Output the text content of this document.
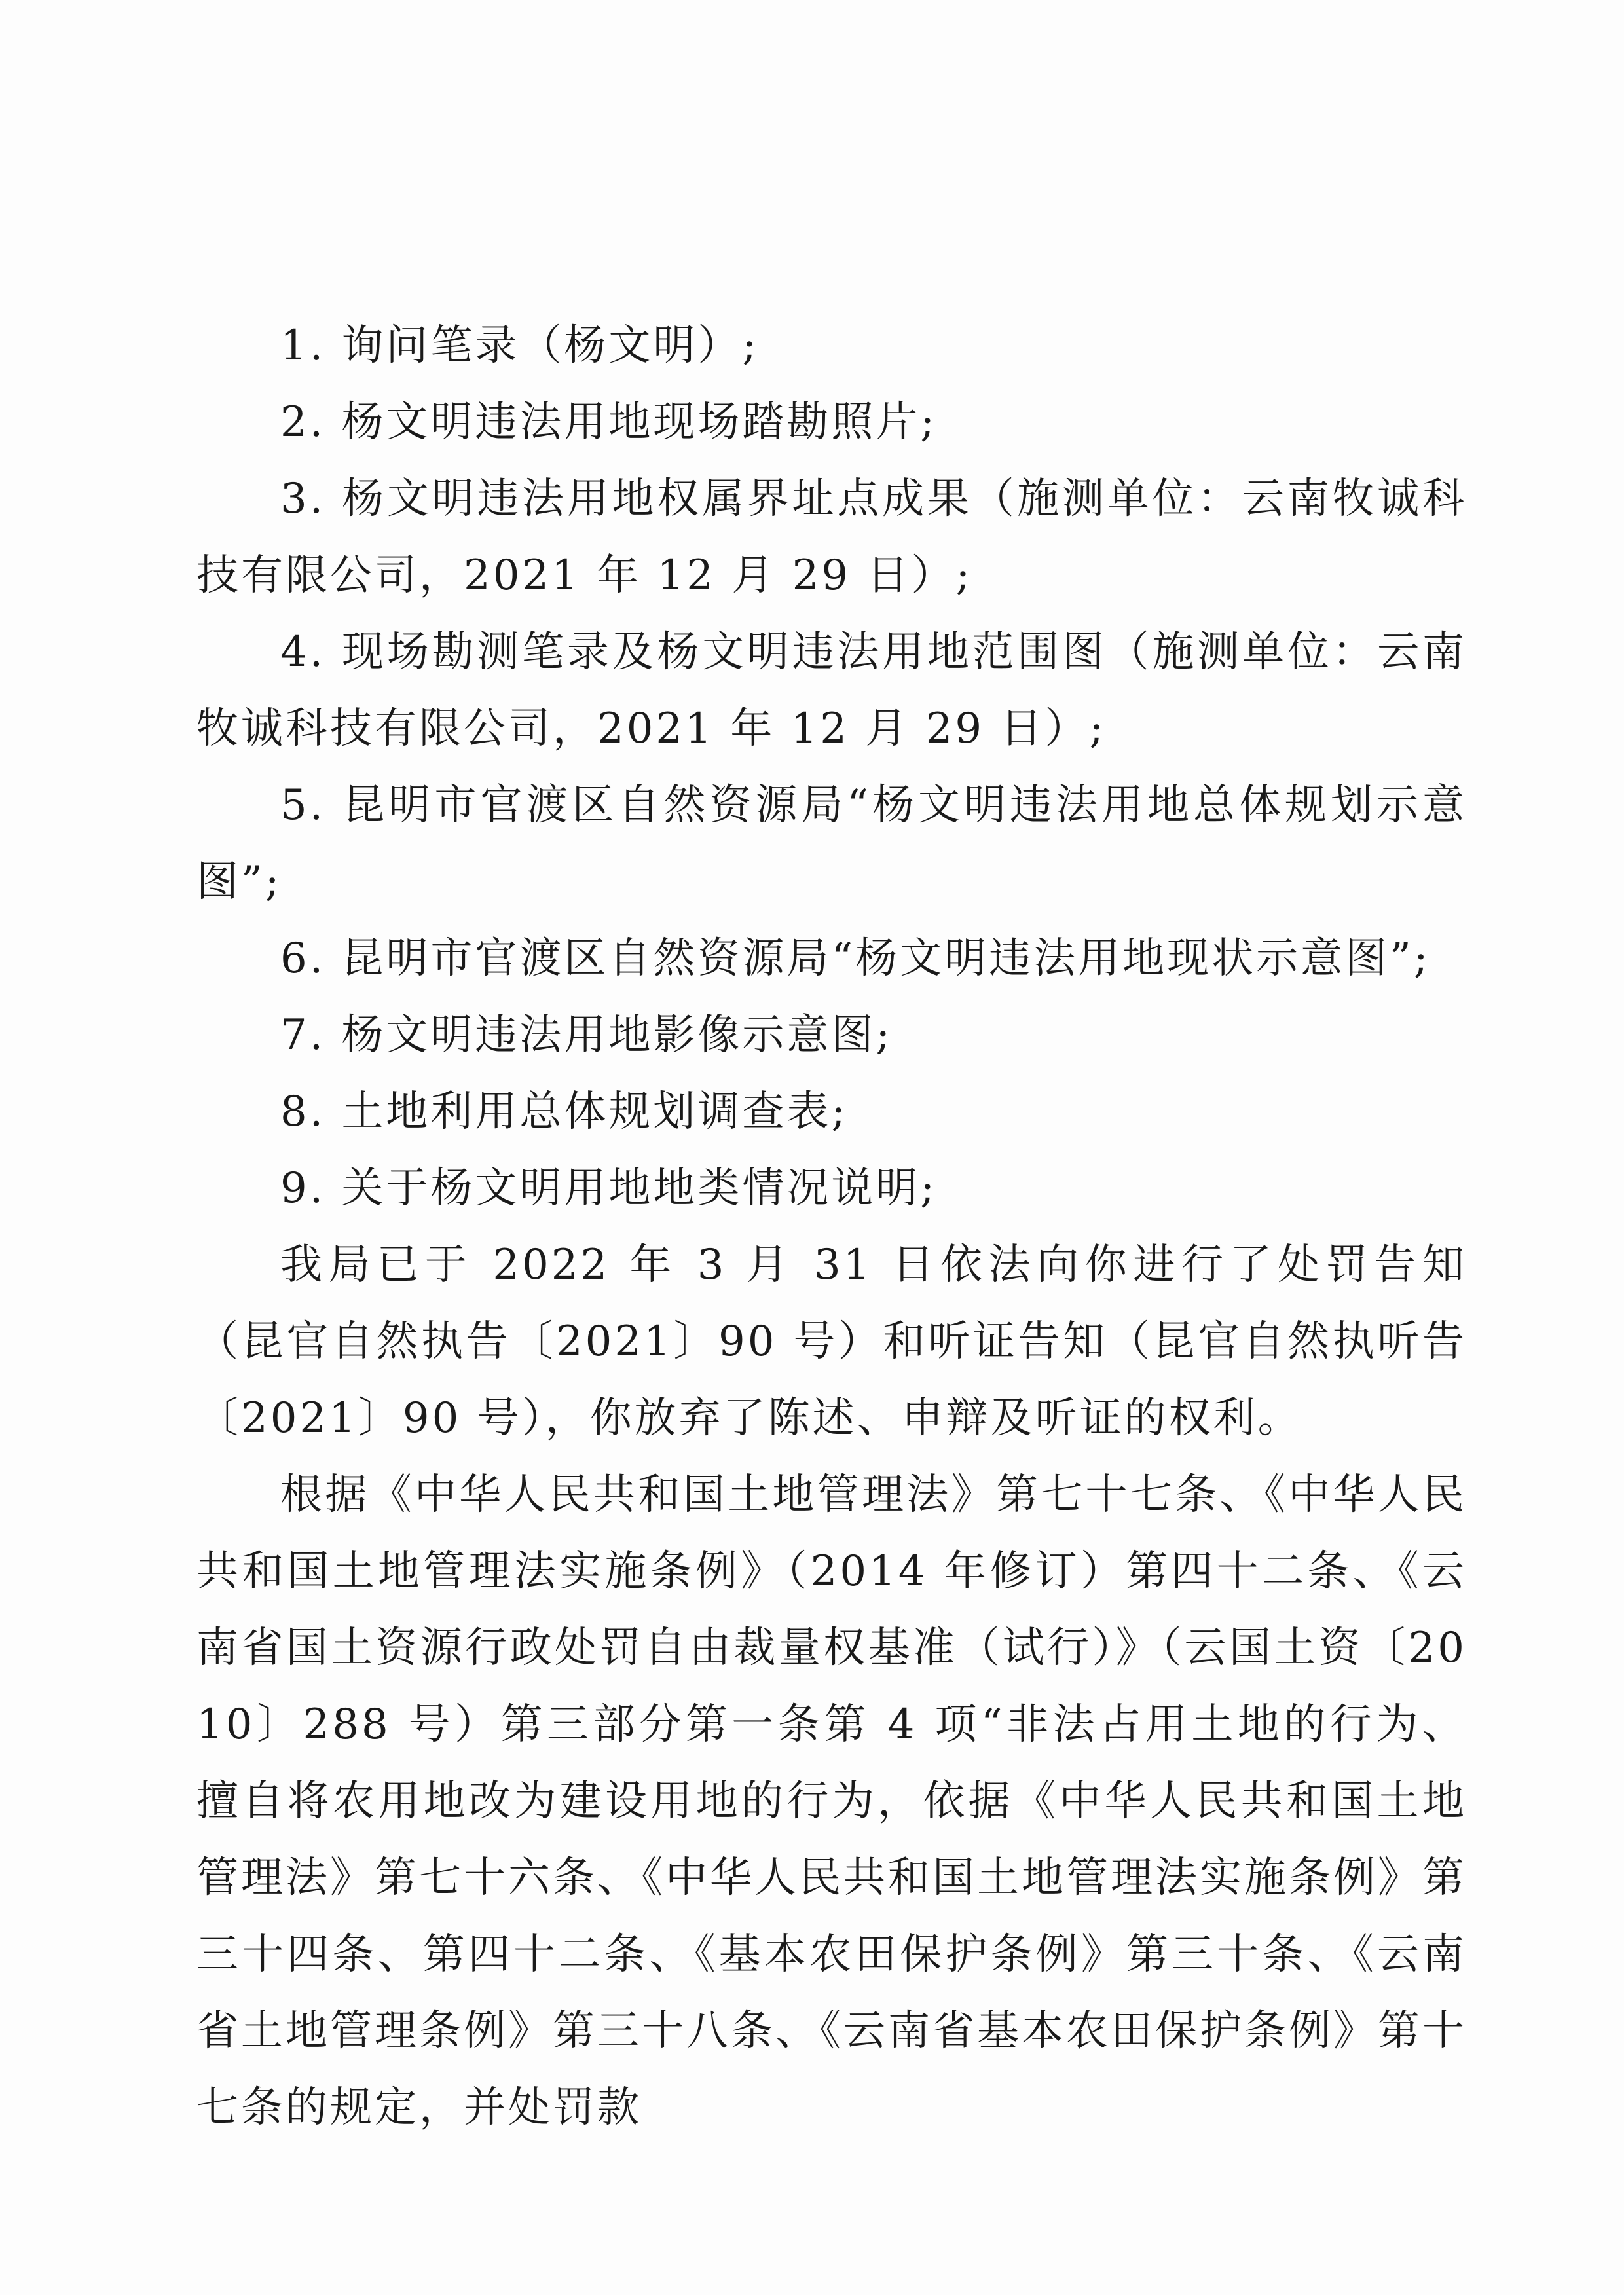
1. 询问笔录（杨文明）;

2. 杨文明违法用地现场踏勘照片;

3. 杨文明违法用地权属界址点成果（施测单位：云南牧诚科技有限公司，2021 年 12 月 29 日）;

4. 现场勘测笔录及杨文明违法用地范围图（施测单位：云南牧诚科技有限公司，2021 年 12 月 29 日）;

5. 昆明市官渡区自然资源局“杨文明违法用地总体规划示意图”;

6. 昆明市官渡区自然资源局“杨文明违法用地现状示意图”;

7. 杨文明违法用地影像示意图;

8. 土地利用总体规划调查表;

9. 关于杨文明用地地类情况说明;

我局已于 2022 年 3 月 31 日依法向你进行了处罚告知（昆官自然执告〔2021〕90 号）和听证告知（昆官自然执听告〔2021〕90 号），你放弃了陈述、申辩及听证的权利。

根据《中华人民共和国土地管理法》第七十七条、《中华人民共和国土地管理法实施条例》（2014 年修订）第四十二条、《云南省国土资源行政处罚自由裁量权基准（试行）》（云国土资〔2010〕288 号）第三部分第一条第 4 项“非法占用土地的行为、擅自将农用地改为建设用地的行为，依据《中华人民共和国土地管理法》第七十六条、《中华人民共和国土地管理法实施条例》第三十四条、第四十二条、《基本农田保护条例》第三十条、《云南省土地管理条例》第三十八条、《云南省基本农田保护条例》第十七条的规定，并处罚款
